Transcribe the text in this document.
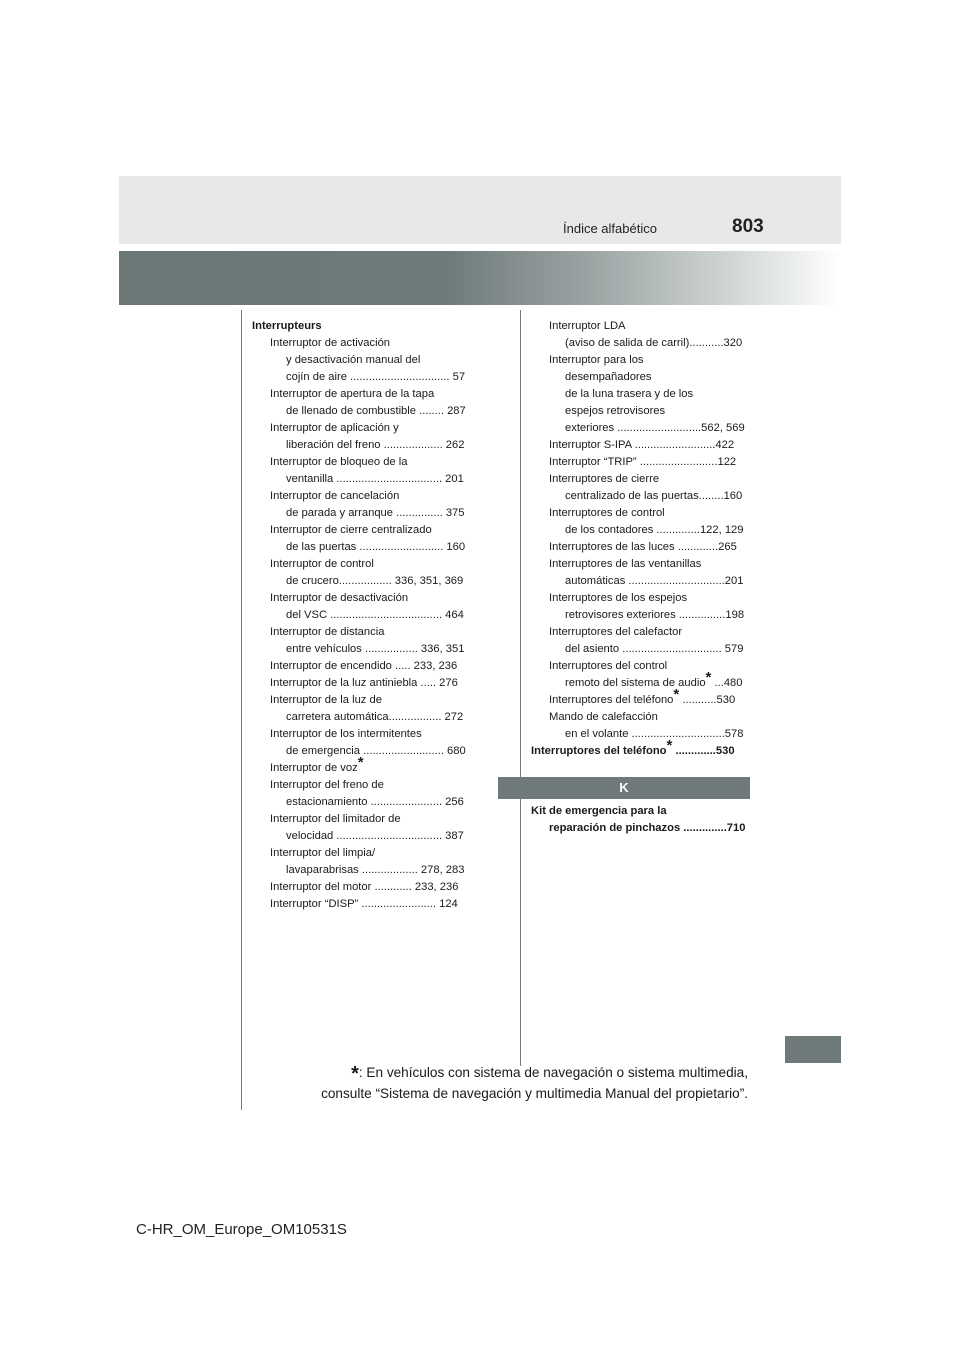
803
Índice alfabético
Interrupteurs
Interruptor de activación
y desactivación manual del
cojín de aire ................................ 57
Interruptor de apertura de la tapa
de llenado de combustible ........ 287
Interruptor de aplicación y
liberación del freno ................... 262
Interruptor de bloqueo de la
ventanilla .................................. 201
Interruptor de cancelación
de parada y arranque ............... 375
Interruptor de cierre centralizado
de las puertas ........................... 160
Interruptor de control
de crucero................. 336, 351, 369
Interruptor de desactivación
del VSC .................................... 464
Interruptor de distancia
entre vehículos ................. 336, 351
Interruptor de encendido ..... 233, 236
Interruptor de la luz antiniebla ..... 276
Interruptor de la luz de
carretera automática................. 272
Interruptor de los intermitentes
de emergencia .......................... 680
Interruptor de voz*
Interruptor del freno de
estacionamiento ....................... 256
Interruptor del limitador de
velocidad .................................. 387
Interruptor del limpia/
lavaparabrisas .................. 278, 283
Interruptor del motor ............ 233, 236
Interruptor “DISP” ........................ 124
Interruptor LDA
(aviso de salida de carril)...........320
Interruptor para los
desempañadores
de la luna trasera y de los
espejos retrovisores
exteriores ...........................562, 569
Interruptor S-IPA ..........................422
Interruptor “TRIP” .........................122
Interruptores de cierre
centralizado de las puertas........160
Interruptores de control
de los contadores ..............122, 129
Interruptores de las luces .............265
Interruptores de las ventanillas
automáticas ...............................201
Interruptores de los espejos
retrovisores exteriores ...............198
Interruptores del calefactor
del asiento ................................ 579
Interruptores del control
remoto del sistema de audio* ...480
Interruptores del teléfono* ...........530
Mando de calefacción
en el volante ..............................578
Interruptores del teléfono* .............530
K
Kit de emergencia para la
reparación de pinchazos ..............710
*: En vehículos con sistema de navegación o sistema multimedia,
consulte “Sistema de navegación y multimedia Manual del propietario”.
C-HR_OM_Europe_OM10531S
